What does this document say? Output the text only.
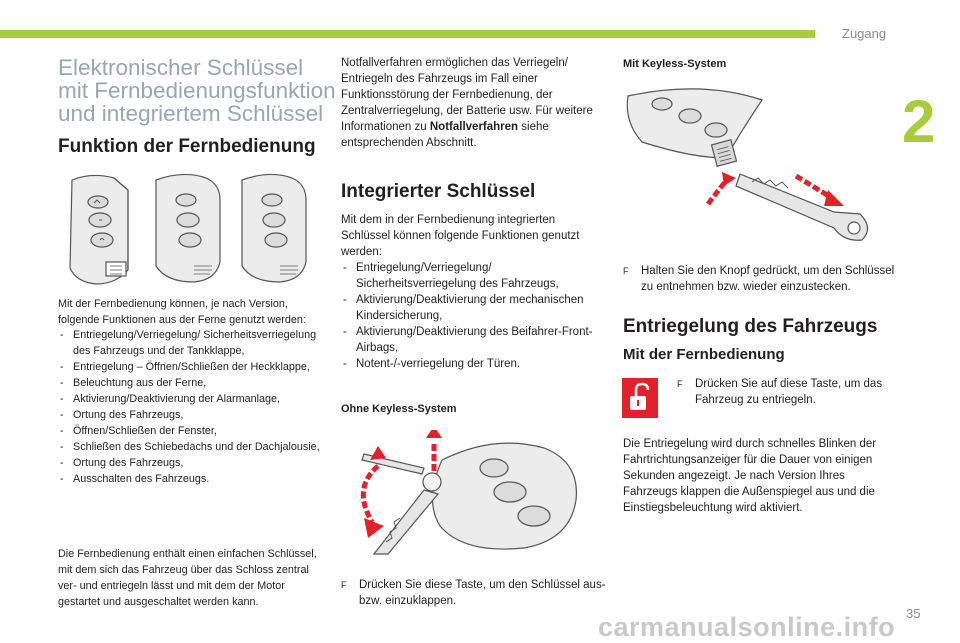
Zugang
2
Elektronischer Schlüssel
mit Fernbedienungsfunktion
und integriertem Schlüssel
Funktion der Fernbedienung
Mit der Fernbedienung können, je nach Version, folgende Funktionen aus der Ferne genutzt werden:
- Entriegelung/Verriegelung/ Sicherheitsverriegelung des Fahrzeugs und der Tankklappe,
- Entriegelung – Öffnen/Schließen der Heckklappe,
- Beleuchtung aus der Ferne,
- Aktivierung/Deaktivierung der Alarmanlage,
- Ortung des Fahrzeugs,
- Öffnen/Schließen der Fenster,
- Schließen des Schiebedachs und der Dachjalousie,
- Ortung des Fahrzeugs,
- Ausschalten des Fahrzeugs.
Die Fernbedienung enthält einen einfachen Schlüssel, mit dem sich das Fahrzeug über das Schloss zentral ver- und entriegeln lässt und mit dem der Motor gestartet und ausgeschaltet werden kann.
Notfallverfahren ermöglichen das Verriegeln/ Entriegeln des Fahrzeugs im Fall einer Funktionsstörung der Fernbedienung, der Zentralverriegelung, der Batterie usw. Für weitere Informationen zu Notfallverfahren siehe entsprechenden Abschnitt.
Integrierter Schlüssel
Mit dem in der Fernbedienung integrierten Schlüssel können folgende Funktionen genutzt werden:
- Entriegelung/Verriegelung/ Sicherheitsverriegelung des Fahrzeugs,
- Aktivierung/Deaktivierung der mechanischen Kindersicherung,
- Aktivierung/Deaktivierung des Beifahrer-Front-Airbags,
- Notent-/-verriegelung der Türen.
Ohne Keyless-System
F Drücken Sie diese Taste, um den Schlüssel aus- bzw. einzuklappen.
Mit Keyless-System
F Halten Sie den Knopf gedrückt, um den Schlüssel zu entnehmen bzw. wieder einzustecken.
Entriegelung des Fahrzeugs
Mit der Fernbedienung
F Drücken Sie auf diese Taste, um das Fahrzeug zu entriegeln.
Die Entriegelung wird durch schnelles Blinken der Fahrtrichtungsanzeiger für die Dauer von einigen Sekunden angezeigt. Je nach Version Ihres Fahrzeugs klappen die Außenspiegel aus und die Einstiegsbeleuchtung wird aktiviert.
carmanualsonline.info 35
